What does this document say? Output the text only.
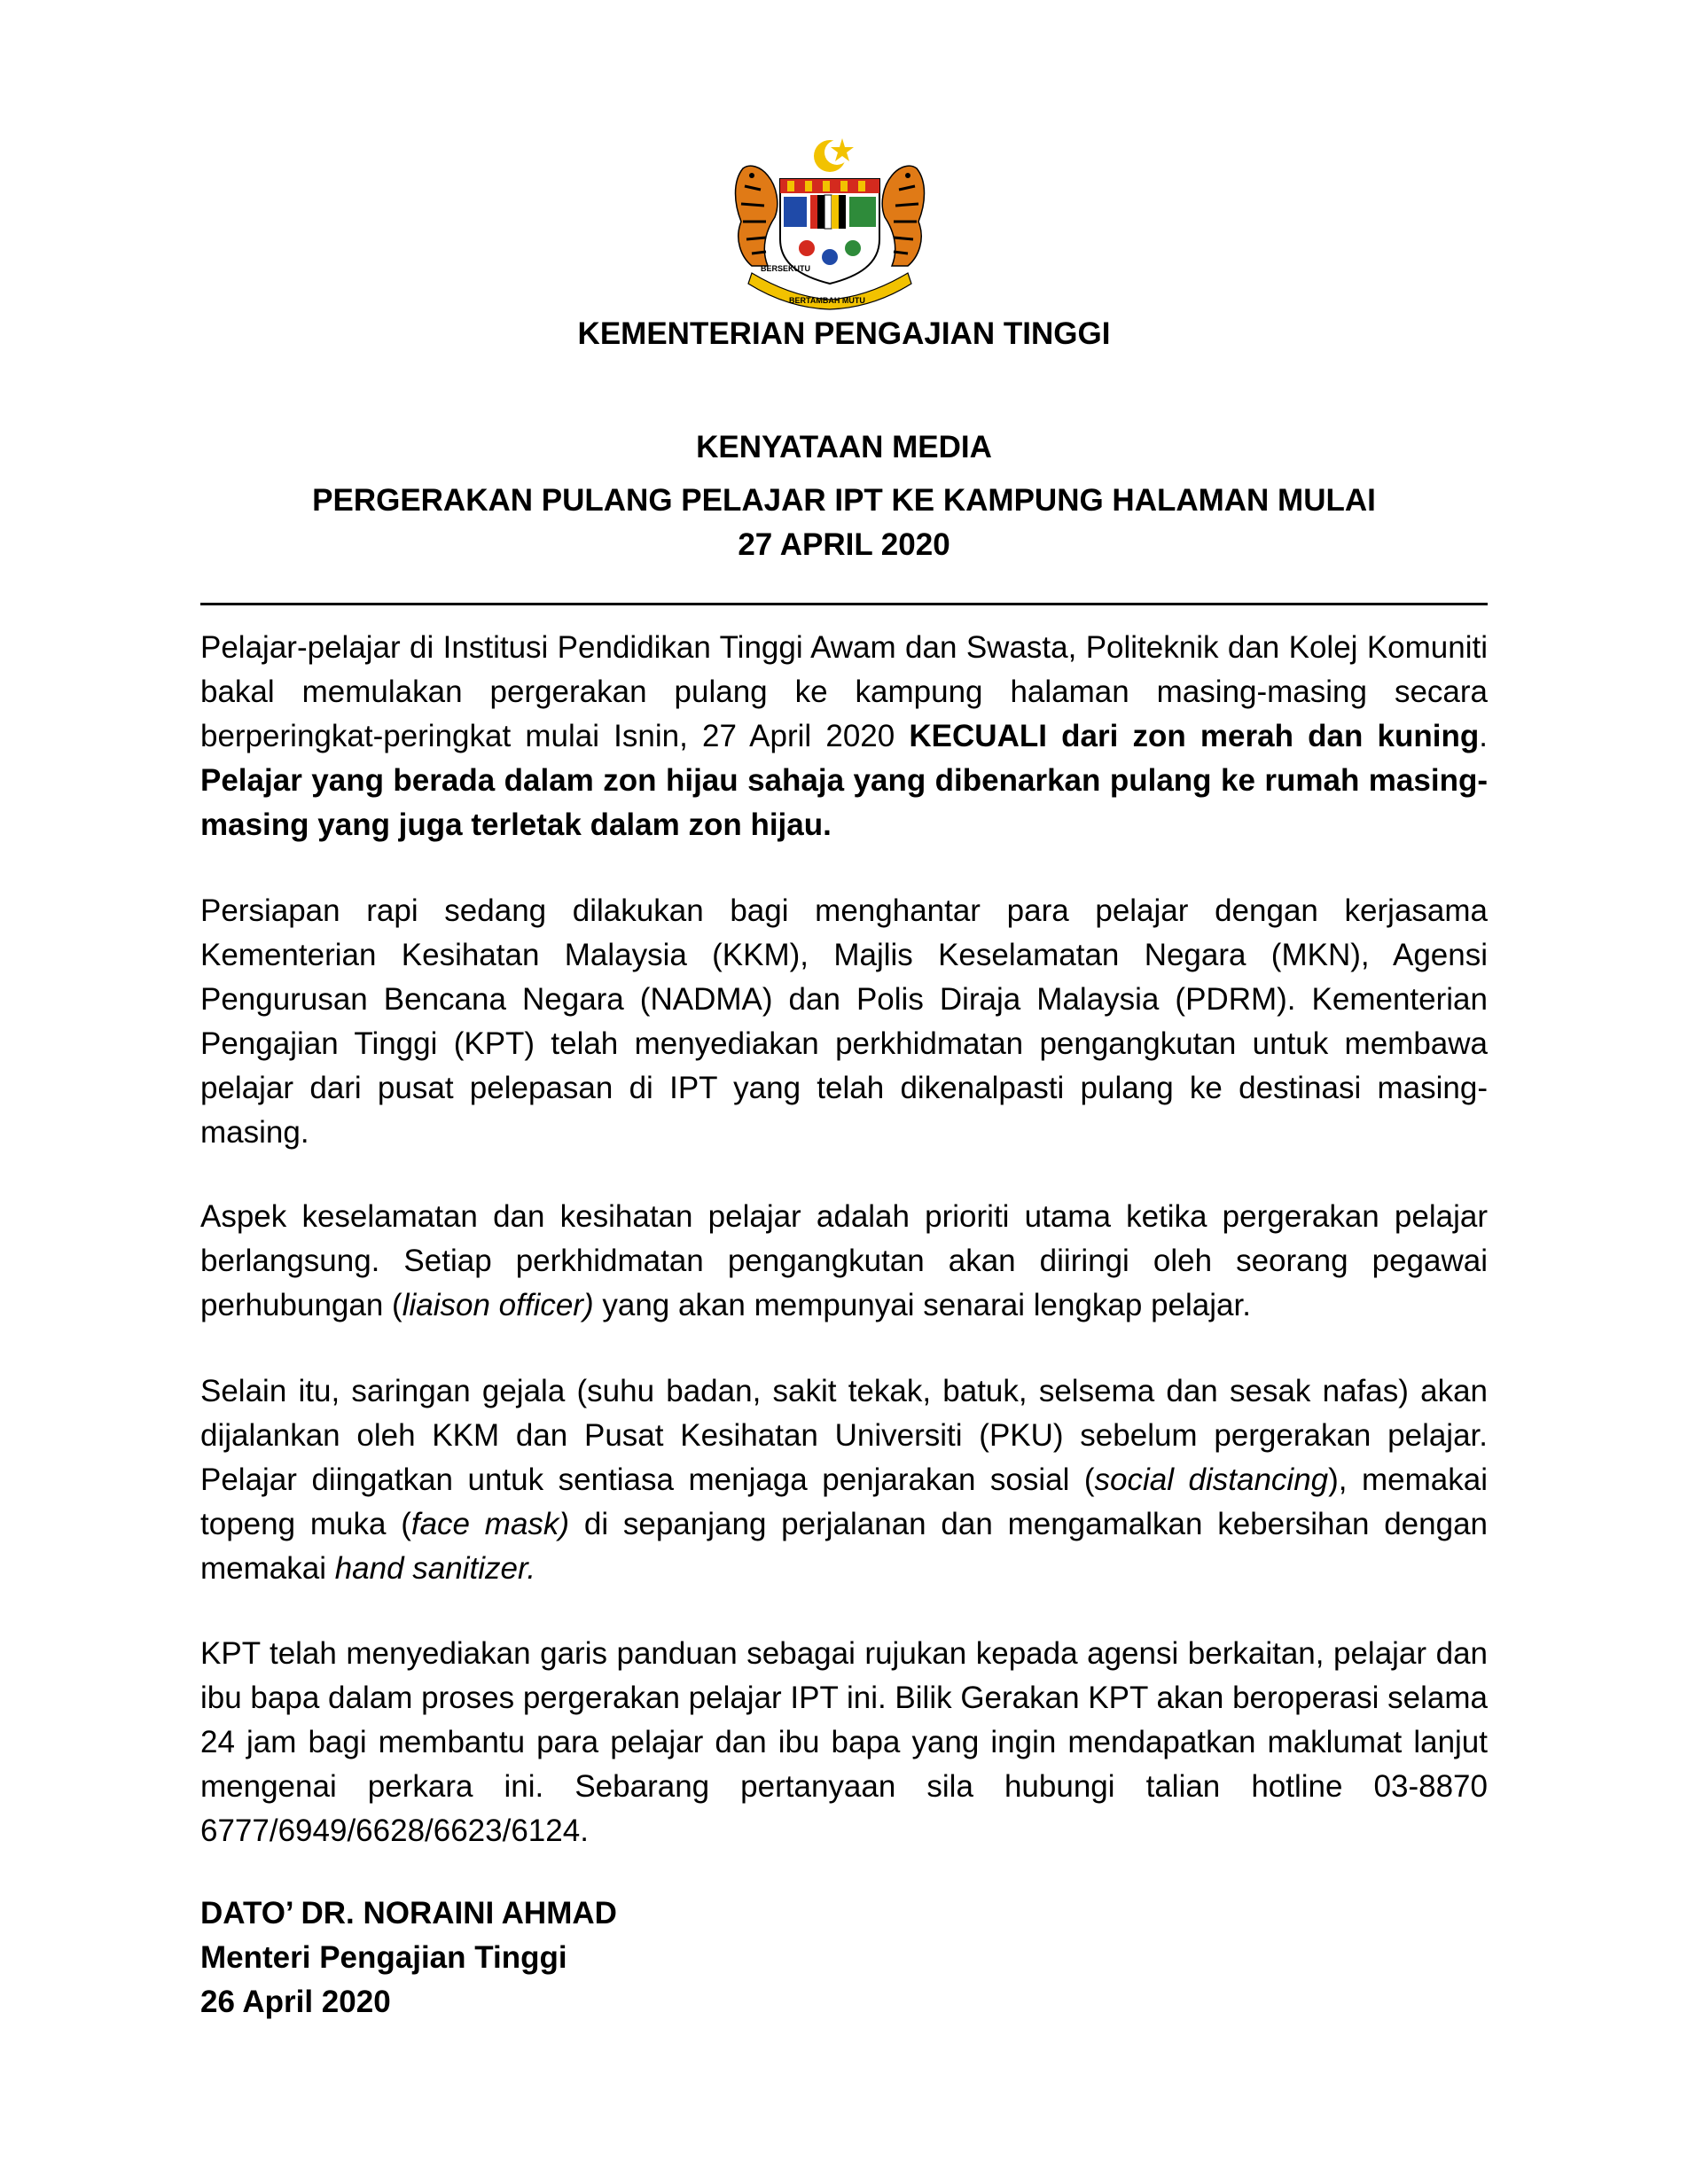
BERSEKUTU
BERTAMBAH MUTU
KEMENTERIAN PENGAJIAN TINGGI
KENYATAAN MEDIA
PERGERAKAN PULANG PELAJAR IPT KE KAMPUNG HALAMAN MULAI
27 APRIL 2020

Pelajar-pelajar di Institusi Pendidikan Tinggi Awam dan Swasta, Politeknik dan Kolej Komuniti bakal memulakan pergerakan pulang ke kampung halaman masing-masing secara berperingkat-peringkat mulai Isnin, 27 April 2020 KECUALI dari zon merah dan kuning. Pelajar yang berada dalam zon hijau sahaja yang dibenarkan pulang ke rumah masing-masing yang juga terletak dalam zon hijau.

Persiapan rapi sedang dilakukan bagi menghantar para pelajar dengan kerjasama Kementerian Kesihatan Malaysia (KKM), Majlis Keselamatan Negara (MKN), Agensi Pengurusan Bencana Negara (NADMA) dan Polis Diraja Malaysia (PDRM). Kementerian Pengajian Tinggi (KPT) telah menyediakan perkhidmatan pengangkutan untuk membawa pelajar dari pusat pelepasan di IPT yang telah dikenalpasti pulang ke destinasi masing-masing.

Aspek keselamatan dan kesihatan pelajar adalah prioriti utama ketika pergerakan pelajar berlangsung. Setiap perkhidmatan pengangkutan akan diiringi oleh seorang pegawai perhubungan (liaison officer) yang akan mempunyai senarai lengkap pelajar.

Selain itu, saringan gejala (suhu badan, sakit tekak, batuk, selsema dan sesak nafas) akan dijalankan oleh KKM dan Pusat Kesihatan Universiti (PKU) sebelum pergerakan pelajar. Pelajar diingatkan untuk sentiasa menjaga penjarakan sosial (social distancing), memakai topeng muka (face mask) di sepanjang perjalanan dan mengamalkan kebersihan dengan memakai hand sanitizer.

KPT telah menyediakan garis panduan sebagai rujukan kepada agensi berkaitan, pelajar dan ibu bapa dalam proses pergerakan pelajar IPT ini. Bilik Gerakan KPT akan beroperasi selama 24 jam bagi membantu para pelajar dan ibu bapa yang ingin mendapatkan maklumat lanjut mengenai perkara ini. Sebarang pertanyaan sila hubungi talian hotline 03-8870 6777/6949/6628/6623/6124.

DATO’ DR. NORAINI AHMAD

Menteri Pengajian Tinggi

26 April 2020
